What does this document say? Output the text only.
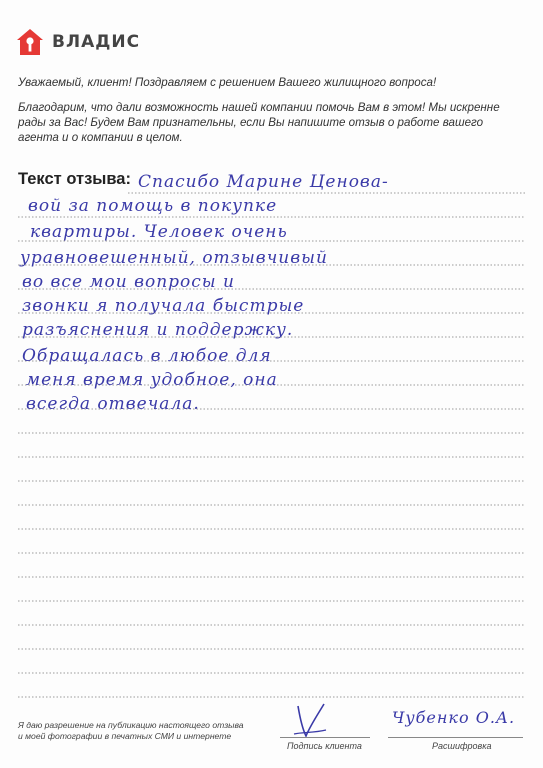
ВЛАДИС

Уважаемый, клиент! Поздравляем с решением Вашего жилищного вопроса!

Благодарим, что дали возможность нашей компании помочь Вам в этом! Мы искренне рады за Вас! Будем Вам признательны, если Вы напишите отзыв о работе вашего агента и о компании в целом.

Текст отзыва: Спасибо Марине Ценова-
вой за помощь в покупке
квартиры. Человек очень
уравновешенный, отзывчивый
во все мои вопросы и
звонки я получала быстрые
разъяснения и поддержку.
Обращалась в любое для
меня время удобное, она
всегда отвечала.
Я даю разрешение на публикацию настоящего отзыва и моей фотографии в печатных СМИ и интернете
Подпись клиента
Чубенко О.А.
Расшифровка
